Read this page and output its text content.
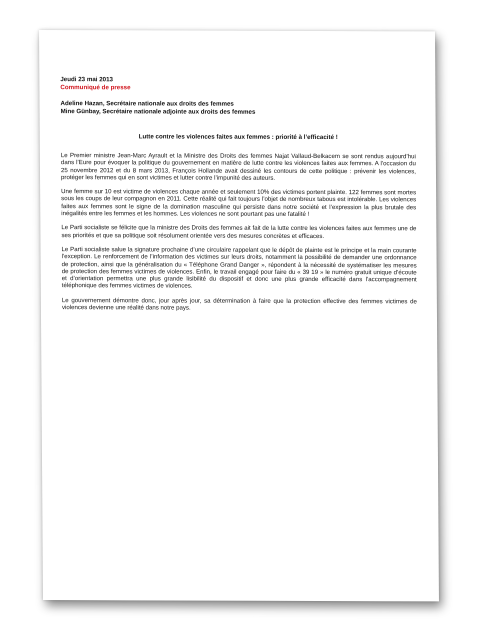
Jeudi 23 mai 2013

Communiqué de presse

Adeline Hazan, Secrétaire nationale aux droits des femmes

Mine Günbay, Secrétaire nationale adjointe aux droits des femmes

Lutte contre les violences faites aux femmes : priorité à l’efficacité !

Le Premier ministre Jean-Marc Ayrault et la Ministre des Droits des femmes Najat Vallaud-Belkacem se sont rendus aujourd’hui dans l’Eure pour évoquer la politique du gouvernement en matière de lutte contre les violences faites aux femmes. A l’occasion du 25 novembre 2012 et du 8 mars 2013, François Hollande avait dessiné les contours de cette politique : prévenir les violences, protéger les femmes qui en sont victimes et lutter contre l’impunité des auteurs.

Une femme sur 10 est victime de violences chaque année et seulement 10% des victimes portent plainte. 122 femmes sont mortes sous les coups de leur compagnon en 2011. Cette réalité qui fait toujours l’objet de nombreux tabous est intolérable. Les violences faites aux femmes sont le signe de la domination masculine qui persiste dans notre société et l’expression la plus brutale des inégalités entre les femmes et les hommes. Les violences ne sont pourtant pas une fatalité !

Le Parti socialiste se félicite que la ministre des Droits des femmes ait fait de la lutte contre les violences faites aux femmes une de ses priorités et que sa politique soit résolument orientée vers des mesures concrètes et efficaces.

Le Parti socialiste salue la signature prochaine d’une circulaire rappelant que le dépôt de plainte est le principe et la main courante l’exception. Le renforcement de l’information des victimes sur leurs droits, notamment la possibilité de demander une ordonnance de protection, ainsi que la généralisation du « Téléphone Grand Danger », répondent à la nécessité de systématiser les mesures de protection des femmes victimes de violences. Enfin, le travail engagé pour faire du « 39 19 » le numéro gratuit unique d’écoute et d’orientation permettra une plus grande lisibilité du dispositif et donc une plus grande efficacité dans l’accompagnement téléphonique des femmes victimes de violences.

Le gouvernement démontre donc, jour après jour, sa détermination à faire que la protection effective des femmes victimes de violences devienne une réalité dans notre pays.
